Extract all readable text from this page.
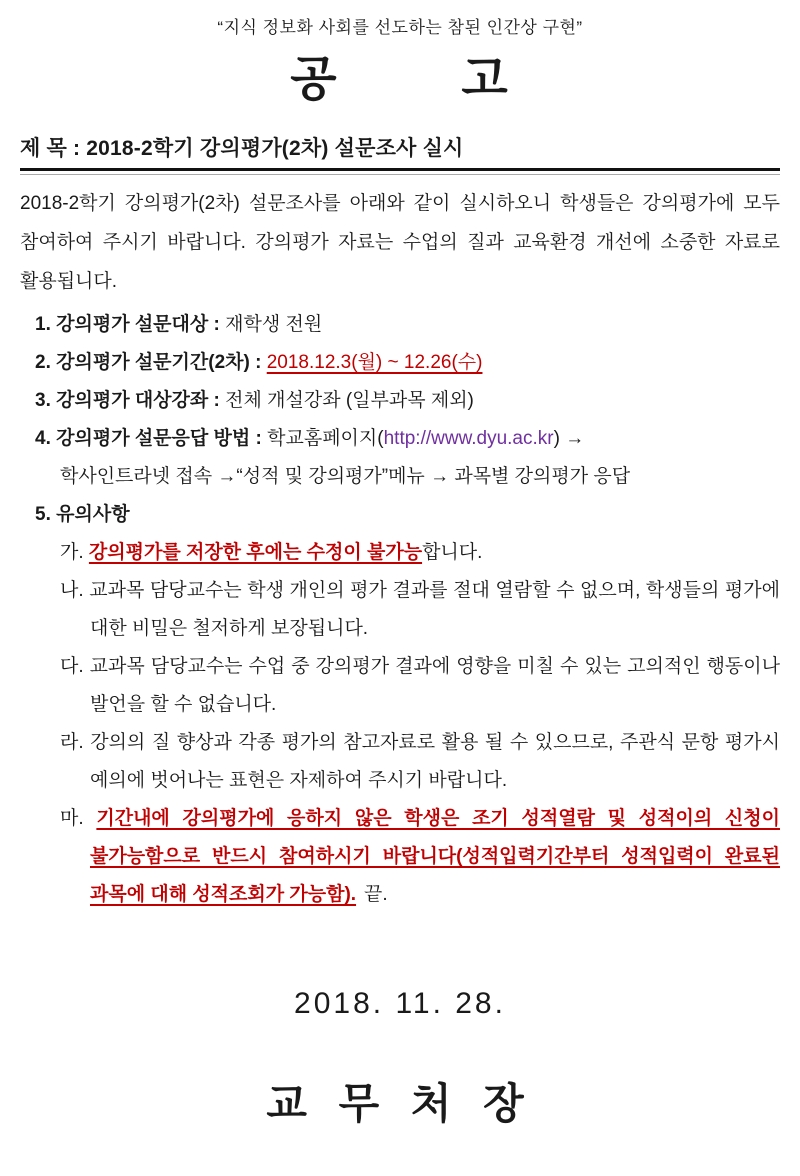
“지식 정보화 사회를 선도하는 참된 인간상 구현”
공        고
제 목 : 2018-2학기 강의평가(2차) 설문조사 실시
2018-2학기 강의평가(2차) 설문조사를 아래와 같이 실시하오니 학생들은 강의평가에 모두 참여하여 주시기 바랍니다. 강의평가 자료는 수업의 질과 교육환경 개선에 소중한 자료로 활용됩니다.
1. 강의평가 설문대상 : 재학생 전원
2. 강의평가 설문기간(2차) : 2018.12.3(월) ~ 12.26(수)
3. 강의평가 대상강좌 : 전체 개설강좌 (일부과목 제외)
4. 강의평가 설문응답 방법 : 학교홈페이지(http://www.dyu.ac.kr) →
학사인트라넷 접속 →“성적 및 강의평가”메뉴 → 과목별 강의평가 응답
5. 유의사항
가. 강의평가를 저장한 후에는 수정이 불가능합니다.
나. 교과목 담당교수는 학생 개인의 평가 결과를 절대 열람할 수 없으며, 학생들의 평가에 대한 비밀은 철저하게 보장됩니다.
다. 교과목 담당교수는 수업 중 강의평가 결과에 영향을 미칠 수 있는 고의적인 행동이나 발언을 할 수 없습니다.
라. 강의의 질 향상과 각종 평가의 참고자료로 활용 될 수 있으므로, 주관식 문항 평가시 예의에 벗어나는 표현은 자제하여 주시기 바랍니다.
마. 기간내에 강의평가에 응하지 않은 학생은 조기 성적열람 및 성적이의 신청이 불가능함으로 반드시 참여하시기 바랍니다(성적입력기간부터 성적입력이 완료된 과목에 대해 성적조회가 가능함). 끝.
2018. 11. 28.
교 무 처 장
